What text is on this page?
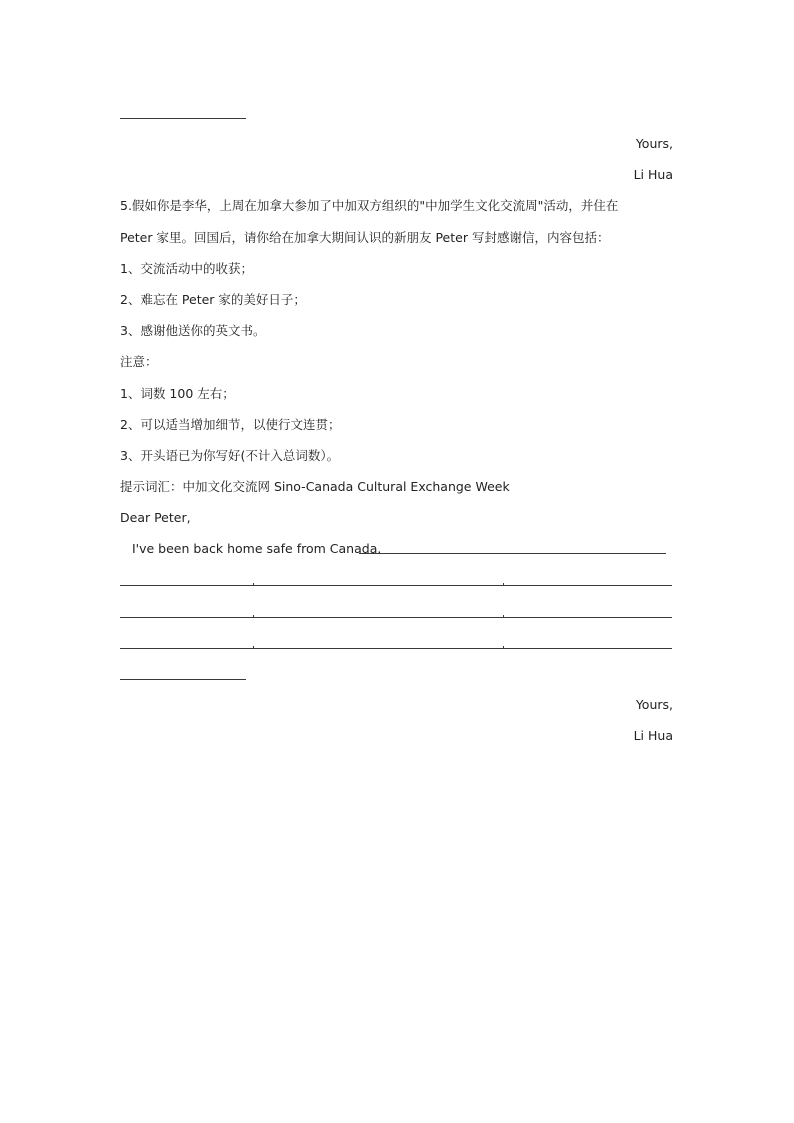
Yours,
Li Hua
5.假如你是李华，上周在加拿大参加了中加双方组织的"中加学生文化交流周"活动，并住在
Peter 家里。回国后，请你给在加拿大期间认识的新朋友 Peter 写封感谢信，内容包括：
1、交流活动中的收获；
2、难忘在 Peter 家的美好日子；
3、感谢他送你的英文书。
注意：
1、词数 100 左右；
2、可以适当增加细节，以使行文连贯；
3、开头语已为你写好(不计入总词数）。
提示词汇：中加文化交流网 Sino-Canada Cultural Exchange Week
Dear Peter,
I've been back home safe from Canada.
Yours,
Li Hua
